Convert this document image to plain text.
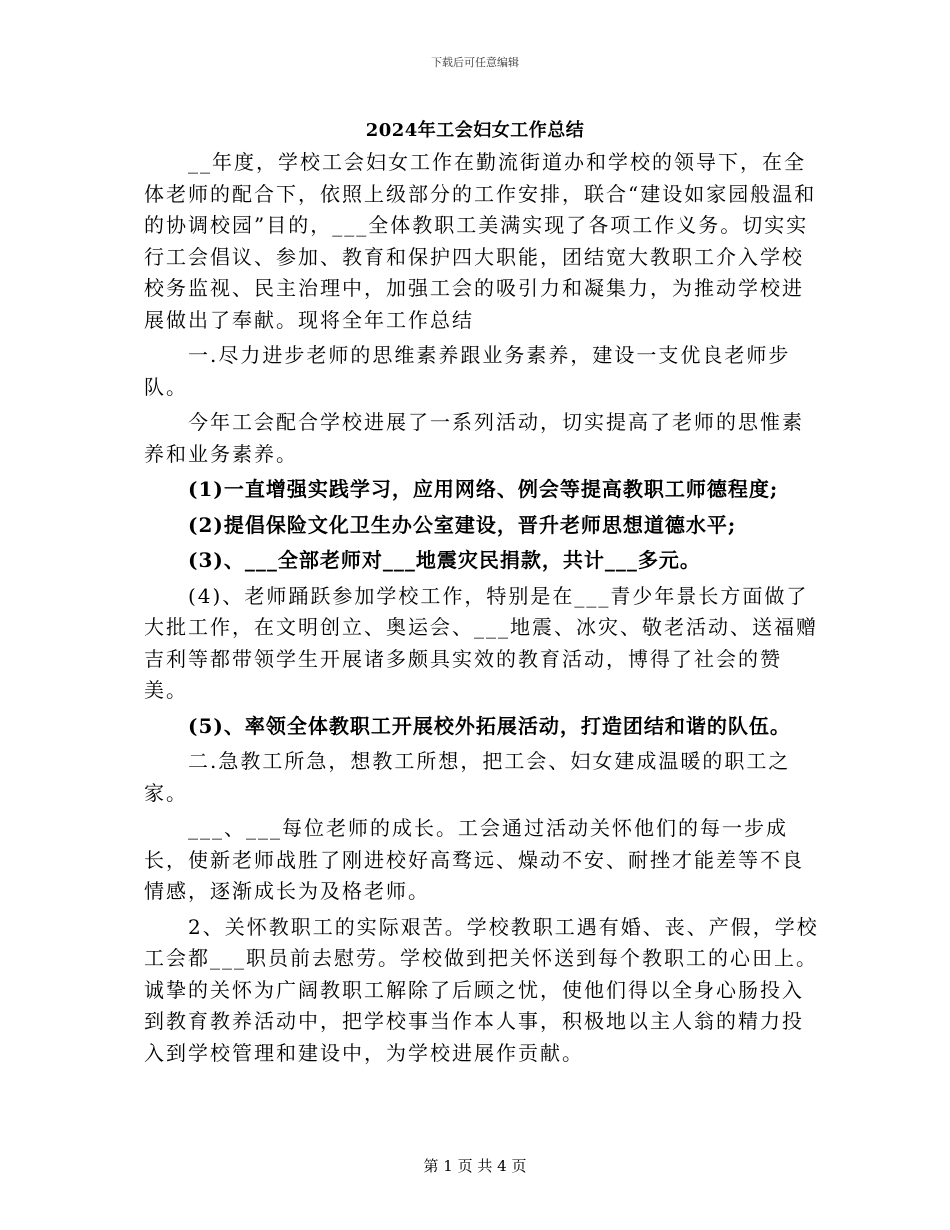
下载后可任意编辑
2024年工会妇女工作总结

__年度，学校工会妇女工作在勤流街道办和学校的领导下，在全体老师的配合下，依照上级部分的工作安排，联合“建设如家园般温和的协调校园”目的，___全体教职工美满实现了各项工作义务。切实实行工会倡议、参加、教育和保护四大职能，团结宽大教职工介入学校校务监视、民主治理中，加强工会的吸引力和凝集力，为推动学校进展做出了奉献。现将全年工作总结

一.尽力进步老师的思维素养跟业务素养，建设一支优良老师步队。

今年工会配合学校进展了一系列活动，切实提高了老师的思惟素养和业务素养。

(1)一直增强实践学习，应用网络、例会等提高教职工师德程度;

(2)提倡保险文化卫生办公室建设，晋升老师思想道德水平;

(3)、___全部老师对___地震灾民捐款，共计___多元。

(4)、老师踊跃参加学校工作，特别是在___青少年景长方面做了大批工作，在文明创立、奥运会、___地震、冰灾、敬老活动、送福赠吉利等都带领学生开展诸多颇具实效的教育活动，博得了社会的赞美。

(5)、率领全体教职工开展校外拓展活动，打造团结和谐的队伍。

二.急教工所急，想教工所想，把工会、妇女建成温暖的职工之家。

___、___每位老师的成长。工会通过活动关怀他们的每一步成长，使新老师战胜了刚进校好高骛远、燥动不安、耐挫才能差等不良情感，逐渐成长为及格老师。

2、关怀教职工的实际艰苦。学校教职工遇有婚、丧、产假，学校工会都___职员前去慰劳。学校做到把关怀送到每个教职工的心田上。诚挚的关怀为广阔教职工解除了后顾之忧，使他们得以全身心肠投入到教育教养活动中，把学校事当作本人事，积极地以主人翁的精力投入到学校管理和建设中，为学校进展作贡献。

第 1 页 共 4 页
